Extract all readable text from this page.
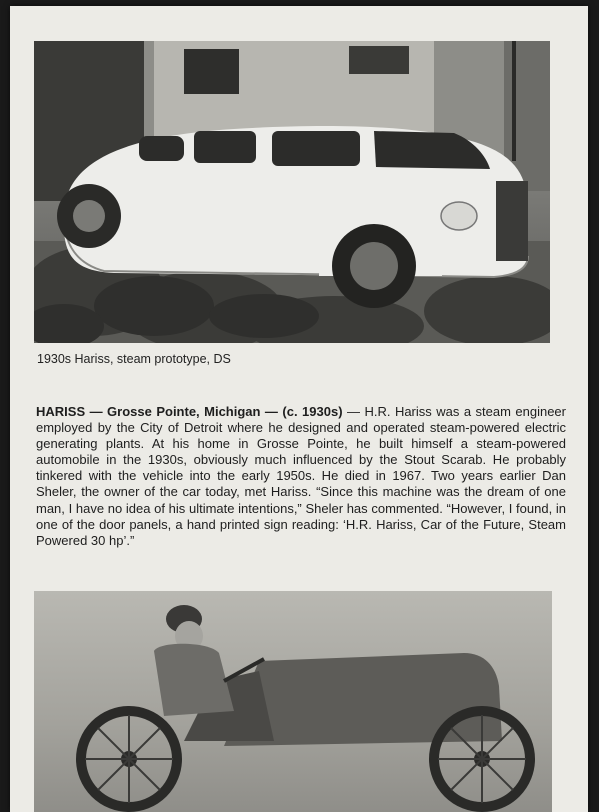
1930s Hariss, steam prototype, DS

HARISS — Grosse Pointe, Michigan — (c. 1930s) — H.R. Hariss was a steam engineer employed by the City of Detroit where he designed and operated steam-powered electric generating plants. At his home in Grosse Pointe, he built himself a steam-powered automobile in the 1930s, obviously much influenced by the Stout Scarab. He probably tinkered with the vehicle into the early 1950s. He died in 1967. Two years earlier Dan Sheler, the owner of the car today, met Hariss. “Since this machine was the dream of one man, I have no idea of his ultimate intentions,” Sheler has commented. “However, I found, in one of the door panels, a hand printed sign reading: ‘H.R. Hariss, Car of the Future, Steam Powered 30 hp’.”
